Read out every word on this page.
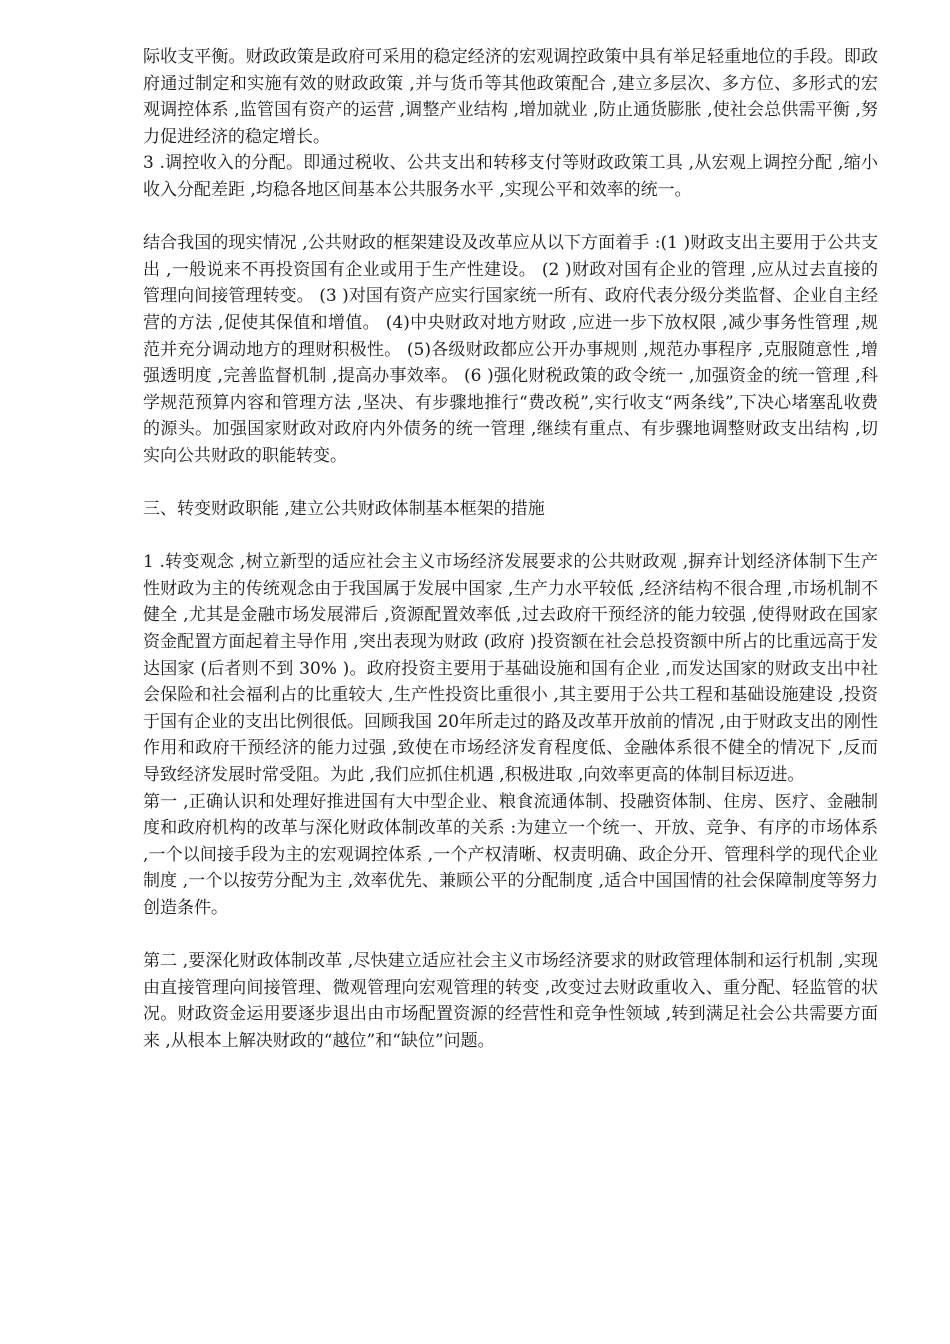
际收支平衡。财政政策是政府可采用的稳定经济的宏观调控政策中具有举足轻重地位的手段。即政府通过制定和实施有效的财政政策 ,并与货币等其他政策配合 ,建立多层次、多方位、多形式的宏观调控体系 ,监管国有资产的运营 ,调整产业结构 ,增加就业 ,防止通货膨胀 ,使社会总供需平衡 ,努力促进经济的稳定增长。

3 .调控收入的分配。即通过税收、公共支出和转移支付等财政政策工具 ,从宏观上调控分配 ,缩小收入分配差距 ,均稳各地区间基本公共服务水平 ,实现公平和效率的统一。

结合我国的现实情况 ,公共财政的框架建设及改革应从以下方面着手 :(1 )财政支出主要用于公共支出 ,一般说来不再投资国有企业或用于生产性建设。 (2 )财政对国有企业的管理 ,应从过去直接的管理向间接管理转变。 (3 )对国有资产应实行国家统一所有、政府代表分级分类监督、企业自主经营的方法 ,促使其保值和增值。 (4)中央财政对地方财政 ,应进一步下放权限 ,减少事务性管理 ,规范并充分调动地方的理财积极性。 (5)各级财政都应公开办事规则 ,规范办事程序 ,克服随意性 ,增强透明度 ,完善监督机制 ,提高办事效率。 (6 )强化财税政策的政令统一 ,加强资金的统一管理 ,科学规范预算内容和管理方法 ,坚决、有步骤地推行“费改税”,实行收支“两条线”,下决心堵塞乱收费的源头。加强国家财政对政府内外债务的统一管理 ,继续有重点、有步骤地调整财政支出结构 ,切实向公共财政的职能转变。

三、转变财政职能 ,建立公共财政体制基本框架的措施

1 .转变观念 ,树立新型的适应社会主义市场经济发展要求的公共财政观 ,摒弃计划经济体制下生产性财政为主的传统观念由于我国属于发展中国家 ,生产力水平较低 ,经济结构不很合理 ,市场机制不健全 ,尤其是金融市场发展滞后 ,资源配置效率低 ,过去政府干预经济的能力较强 ,使得财政在国家资金配置方面起着主导作用 ,突出表现为财政 (政府 )投资额在社会总投资额中所占的比重远高于发达国家 (后者则不到 30% )。政府投资主要用于基础设施和国有企业 ,而发达国家的财政支出中社会保险和社会福利占的比重较大 ,生产性投资比重很小 ,其主要用于公共工程和基础设施建设 ,投资于国有企业的支出比例很低。回顾我国 20年所走过的路及改革开放前的情况 ,由于财政支出的刚性作用和政府干预经济的能力过强 ,致使在市场经济发育程度低、金融体系很不健全的情况下 ,反而导致经济发展时常受阻。为此 ,我们应抓住机遇 ,积极进取 ,向效率更高的体制目标迈进。

第一 ,正确认识和处理好推进国有大中型企业、粮食流通体制、投融资体制、住房、医疗、金融制度和政府机构的改革与深化财政体制改革的关系 :为建立一个统一、开放、竞争、有序的市场体系 ,一个以间接手段为主的宏观调控体系 ,一个产权清晰、权责明确、政企分开、管理科学的现代企业制度 ,一个以按劳分配为主 ,效率优先、兼顾公平的分配制度 ,适合中国国情的社会保障制度等努力创造条件。

第二 ,要深化财政体制改革 ,尽快建立适应社会主义市场经济要求的财政管理体制和运行机制 ,实现由直接管理向间接管理、微观管理向宏观管理的转变 ,改变过去财政重收入、重分配、轻监管的状况。财政资金运用要逐步退出由市场配置资源的经营性和竞争性领域 ,转到满足社会公共需要方面来 ,从根本上解决财政的“越位”和“缺位”问题。
